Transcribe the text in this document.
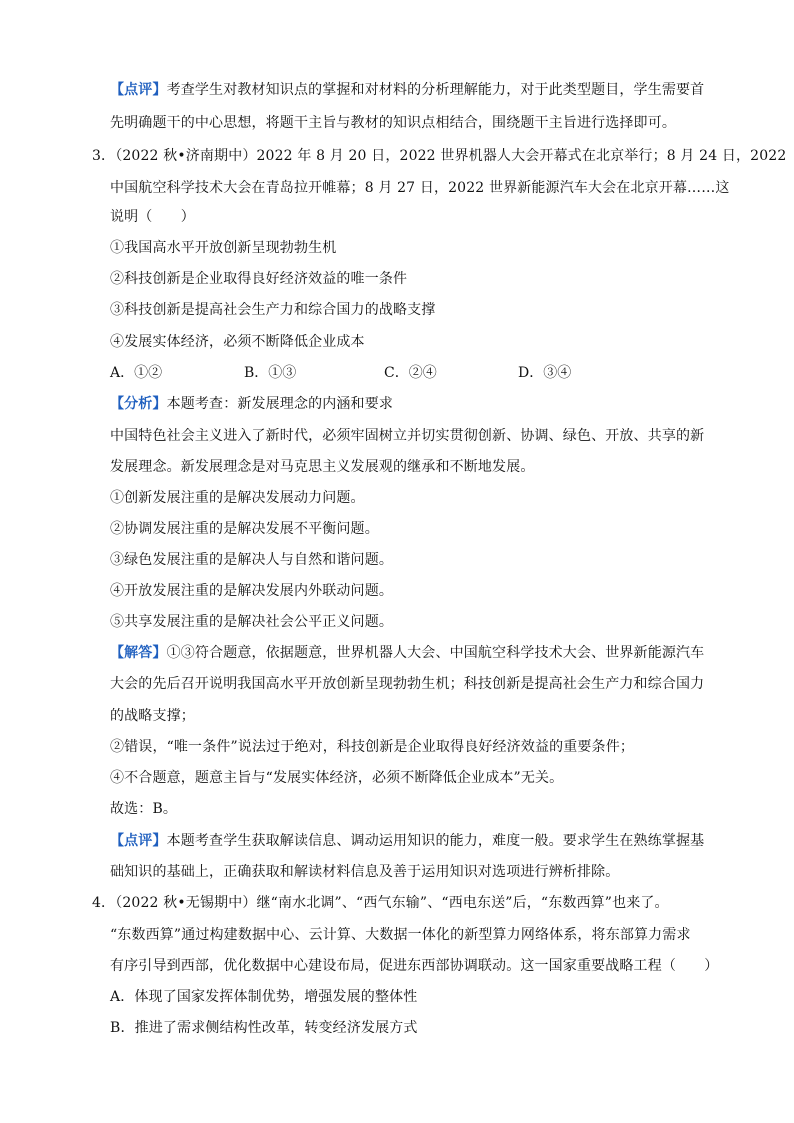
【点评】考查学生对教材知识点的掌握和对材料的分析理解能力，对于此类型题目，学生需要首
先明确题干的中心思想，将题干主旨与教材的知识点相结合，围绕题干主旨进行选择即可。
3．（2022 秋•济南期中）2022 年 8 月 20 日，2022 世界机器人大会开幕式在北京举行；8 月 24 日，2022
中国航空科学技术大会在青岛拉开帷幕；8 月 27 日，2022 世界新能源汽车大会在北京开幕……这
说明（　　）
①我国高水平开放创新呈现勃勃生机
②科技创新是企业取得良好经济效益的唯一条件
③科技创新是提高社会生产力和综合国力的战略支撑
④发展实体经济，必须不断降低企业成本
A．①②	B．①③	C．②④	D．③④
【分析】本题考查：新发展理念的内涵和要求
中国特色社会主义进入了新时代，必须牢固树立并切实贯彻创新、协调、绿色、开放、共享的新
发展理念。新发展理念是对马克思主义发展观的继承和不断地发展。
①创新发展注重的是解决发展动力问题。
②协调发展注重的是解决发展不平衡问题。
③绿色发展注重的是解决人与自然和谐问题。
④开放发展注重的是解决发展内外联动问题。
⑤共享发展注重的是解决社会公平正义问题。
【解答】①③符合题意，依据题意，世界机器人大会、中国航空科学技术大会、世界新能源汽车
大会的先后召开说明我国高水平开放创新呈现勃勃生机；科技创新是提高社会生产力和综合国力
的战略支撑；
②错误，“唯一条件”说法过于绝对，科技创新是企业取得良好经济效益的重要条件；
④不合题意，题意主旨与“发展实体经济，必须不断降低企业成本”无关。
故选：B。
【点评】本题考查学生获取解读信息、调动运用知识的能力，难度一般。要求学生在熟练掌握基
础知识的基础上，正确获取和解读材料信息及善于运用知识对选项进行辨析排除。
4．（2022 秋•无锡期中）继“南水北调”、“西气东输”、“西电东送”后，“东数西算”也来了。
“东数西算”通过构建数据中心、云计算、大数据一体化的新型算力网络体系，将东部算力需求
有序引导到西部，优化数据中心建设布局，促进东西部协调联动。这一国家重要战略工程（　　）
A．体现了国家发挥体制优势，增强发展的整体性
B．推进了需求侧结构性改革，转变经济发展方式
